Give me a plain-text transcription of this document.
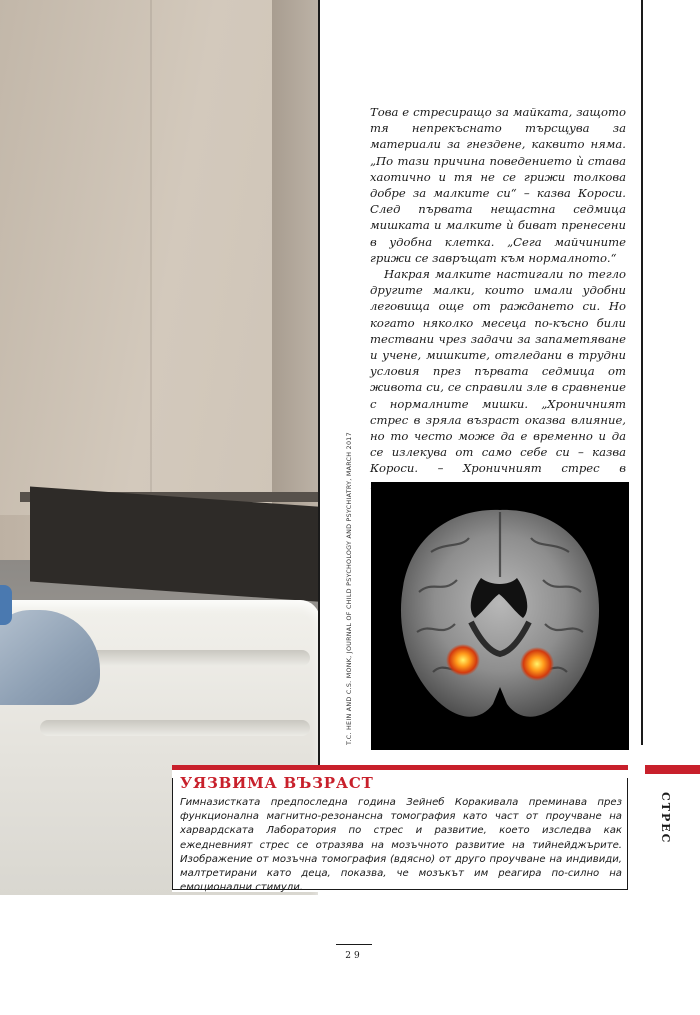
Това е стресиращо за майката, защото тя непрекъснато търсщува за материали за гнездене, каквито няма. „По тази причина поведението ѝ става хаотично и тя не се грижи толкова добре за малките си“ – казва Короси. След първата нещастна седмица мишката и малките ѝ биват пренесени в удобна клетка. „Сега майчините грижи се завръщат към нормалното.“

Накрая малките настигали по тегло другите малки, които имали удобни леговища още от раждането си. Но когато няколко месеца по-късно били тествани чрез задачи за запаметяване и учене, мишките, отгледани в трудни условия през първата седмица от живота си, се справили зле в сравнение с нормалните мишки. „Хроничният стрес в зряла възраст оказва влияние, но то често може да е временно и да се излекува от само себе си – казва Короси. – Хроничният стрес в

T.C. HEIN AND C.S. MONK, JOURNAL OF CHILD PSYCHOLOGY AND PSYCHIATRY, MARCH 2017
УЯЗВИМА ВЪЗРАСТ
Гимназистката предпоследна година Зейнеб Коракивала преминава през функционална магнитно-резонансна томография като част от проучване на харвардската Лаборатория по стрес и развитие, което изследва как ежедневният стрес се отразява на мозъчното развитие на тийнейджърите. Изображение от мозъчна томография (вдясно) от друго проучване на индивиди, малтретирани като деца, показва, че мозъкът им реагира по-силно на емоционални стимули.
СТРЕС
29
